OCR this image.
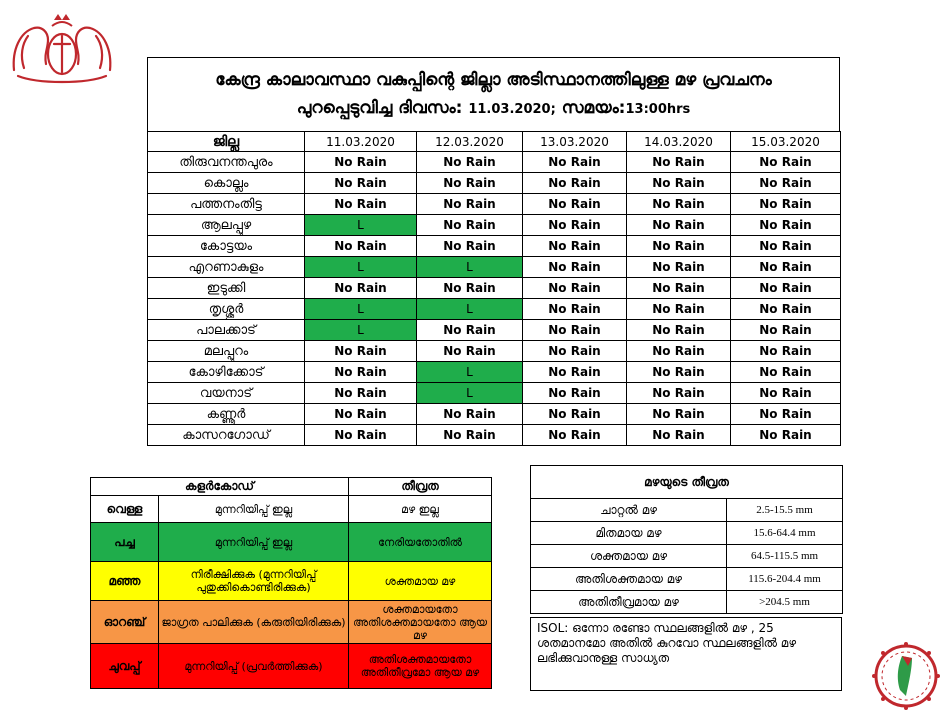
കേന്ദ്ര കാലാവസ്ഥാ വകുപ്പിന്റെ ജില്ലാ അടിസ്ഥാനത്തിലുള്ള മഴ പ്രവചനം
പുറപ്പെടുവിച്ച ദിവസം: 11.03.2020; സമയം:13:00hrs
ജില്ല	11.03.2020	12.03.2020	13.03.2020	14.03.2020	15.03.2020
തിരുവനന്തപുരം	No Rain	No Rain	No Rain	No Rain	No Rain
കൊല്ലം	No Rain	No Rain	No Rain	No Rain	No Rain
പത്തനംതിട്ട	No Rain	No Rain	No Rain	No Rain	No Rain
ആലപ്പുഴ	L	No Rain	No Rain	No Rain	No Rain
കോട്ടയം	No Rain	No Rain	No Rain	No Rain	No Rain
എറണാകുളം	L	L	No Rain	No Rain	No Rain
ഇടുക്കി	No Rain	No Rain	No Rain	No Rain	No Rain
തൃശ്ശൂർ	L	L	No Rain	No Rain	No Rain
പാലക്കാട്	L	No Rain	No Rain	No Rain	No Rain
മലപ്പുറം	No Rain	No Rain	No Rain	No Rain	No Rain
കോഴിക്കോട്	No Rain	L	No Rain	No Rain	No Rain
വയനാട്	No Rain	L	No Rain	No Rain	No Rain
കണ്ണൂർ	No Rain	No Rain	No Rain	No Rain	No Rain
കാസറഗോഡ്	No Rain	No Rain	No Rain	No Rain	No Rain
കളർകോഡ്		തീവ്രത
വെള്ള	മുന്നറിയിപ്പ് ഇല്ല	മഴ ഇല്ല
പച്ച	മുന്നറിയിപ്പ് ഇല്ല	നേരിയതോതിൽ
മഞ്ഞ	നിരീക്ഷിക്കുക (മുന്നറിയിപ്പ് പുതുക്കികൊണ്ടിരിക്കുക)	ശക്തമായ മഴ
ഓറഞ്ച്	ജാഗ്രത പാലിക്കുക (കരുതിയിരിക്കുക)	ശക്തമായതോ അതിശക്തമായതോ ആയ മഴ
ചുവപ്പ്	മുന്നറിയിപ്പ് (പ്രവർത്തിക്കുക)	അതിശക്തമായതോ അതിതീവ്രമോ ആയ മഴ
മഴയുടെ തീവ്രത	
ചാറ്റൽ മഴ	2.5-15.5 mm
മിതമായ മഴ	15.6-64.4 mm
ശക്തമായ മഴ	64.5-115.5 mm
അതിശക്തമായ മഴ	115.6-204.4 mm
അതിതീവ്രമായ മഴ	>204.5 mm
ISOL: ഒന്നോ രണ്ടോ സ്ഥലങ്ങളിൽ മഴ , 25 ശതമാനമോ അതിൽ കുറവോ സ്ഥലങ്ങളിൽ മഴ ലഭിക്കുവാനുള്ള സാധ്യത
